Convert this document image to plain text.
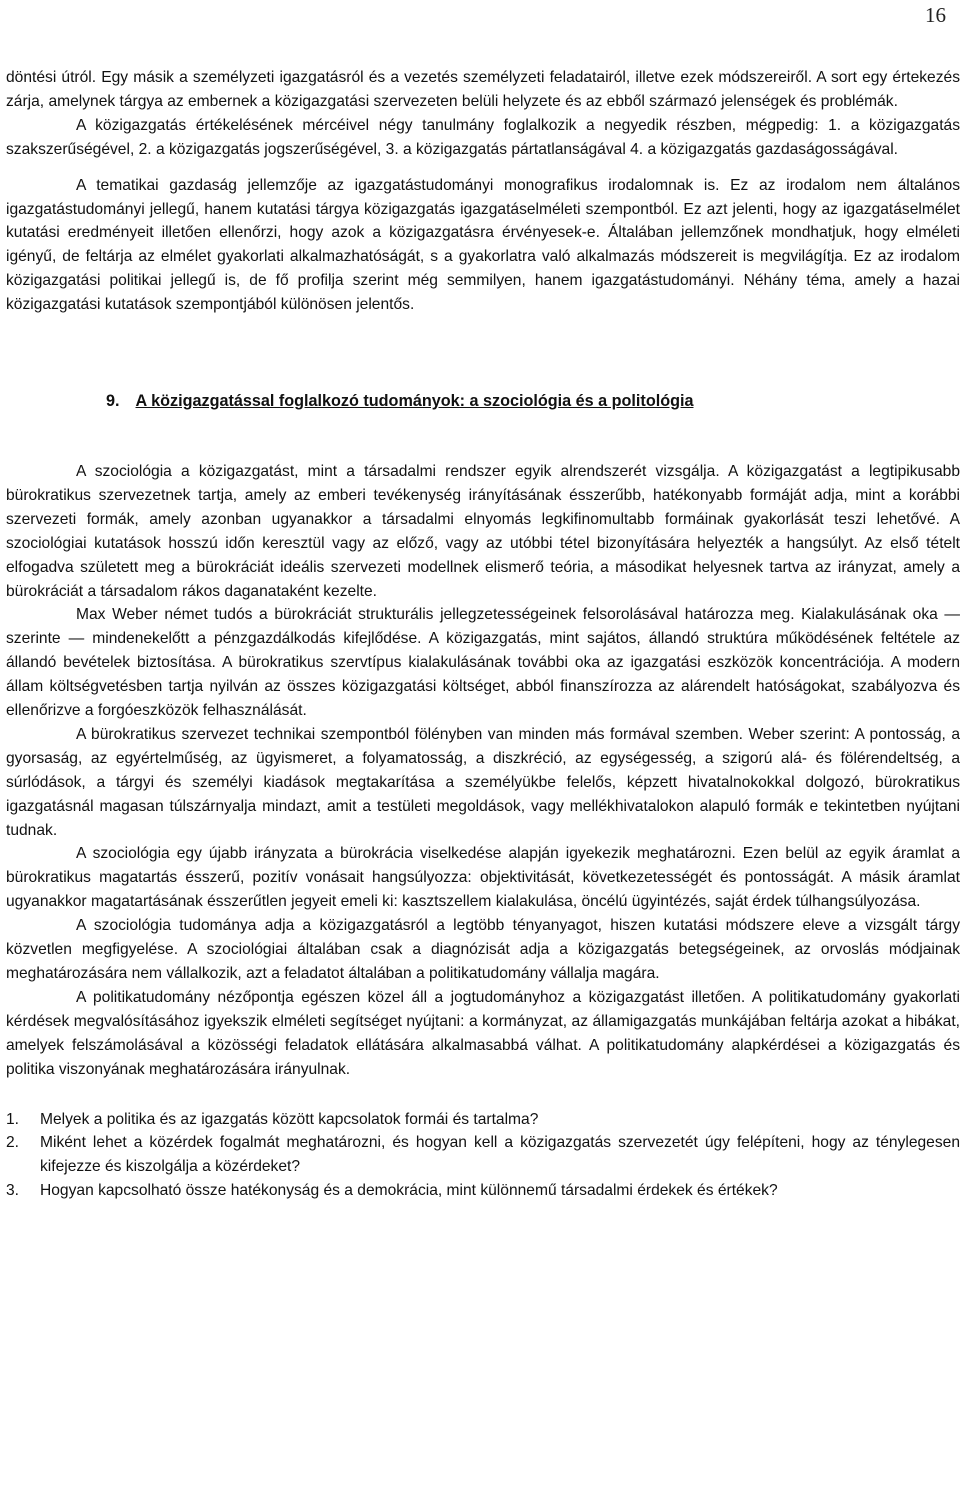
16

döntési útról. Egy másik a személyzeti igazgatásról és a vezetés személyzeti feladatairól, illetve ezek módszereiről. A sort egy értekezés zárja, amelynek tárgya az embernek a közigazgatási szervezeten belüli helyzete és az ebből származó jelenségek és problémák.

A közigazgatás értékelésének mércéivel négy tanulmány foglalkozik a negyedik részben, mégpedig: 1. a közigazgatás szakszerűségével, 2. a közigazgatás jogszerűségével, 3. a közigazgatás pártatlanságával 4. a közigazgatás gazdaságosságával.

A tematikai gazdaság jellemzője az igazgatástudományi monografikus irodalomnak is. Ez az irodalom nem általános igazgatástudományi jellegű, hanem kutatási tárgya közigazgatás igazgatáselméleti szempontból. Ez azt jelenti, hogy az igazgatáselmélet kutatási eredményeit illetően ellenőrzi, hogy azok a közigazgatásra érvényesek-e. Általában jellemzőnek mondhatjuk, hogy elméleti igényű, de feltárja az elmélet gyakorlati alkalmazhatóságát, s a gyakorlatra való alkalmazás módszereit is megvilágítja. Ez az irodalom közigazgatási politikai jellegű is, de fő profilja szerint még semmilyen, hanem igazgatástudományi. Néhány téma, amely a hazai közigazgatási kutatások szempontjából különösen jelentős.

9. A közigazgatással foglalkozó tudományok: a szociológia és a politológia

A szociológia a közigazgatást, mint a társadalmi rendszer egyik alrendszerét vizsgálja. A közigazgatást a legtipikusabb bürokratikus szervezetnek tartja, amely az emberi tevékenység irányításának ésszerűbb, hatékonyabb formáját adja, mint a korábbi szervezeti formák, amely azonban ugyanakkor a társadalmi elnyomás legkifinomultabb formáinak gyakorlását teszi lehetővé. A szociológiai kutatások hosszú időn keresztül vagy az előző, vagy az utóbbi tétel bizonyítására helyezték a hangsúlyt. Az első tételt elfogadva született meg a bürokráciát ideális szervezeti modellnek elismerő teória, a másodikat helyesnek tartva az irányzat, amely a bürokráciát a társadalom rákos daganataként kezelte.

Max Weber német tudós a bürokráciát strukturális jellegzetességeinek felsorolásával határozza meg. Kialakulásának oka — szerinte — mindenekelőtt a pénzgazdálkodás kifejlődése. A közigazgatás, mint sajátos, állandó struktúra működésének feltétele az állandó bevételek biztosítása. A bürokratikus szervtípus kialakulásának további oka az igazgatási eszközök koncentrációja. A modern állam költségvetésben tartja nyilván az összes közigazgatási költséget, abból finanszírozza az alárendelt hatóságokat, szabályozva és ellenőrizve a forgóeszközök felhasználását.

A bürokratikus szervezet technikai szempontból fölényben van minden más formával szemben. Weber szerint: A pontosság, a gyorsaság, az egyértelműség, az ügyismeret, a folyamatosság, a diszkréció, az egységesség, a szigorú alá- és fölérendeltség, a súrlódások, a tárgyi és személyi kiadások megtakarítása a személyükbe felelős, képzett hivatalnokokkal dolgozó, bürokratikus igazgatásnál magasan túlszárnyalja mindazt, amit a testületi megoldások, vagy mellékhivatalokon alapuló formák e tekintetben nyújtani tudnak.

A szociológia egy újabb irányzata a bürokrácia viselkedése alapján igyekezik meghatározni. Ezen belül az egyik áramlat a bürokratikus magatartás ésszerű, pozitív vonásait hangsúlyozza: objektivitását, következetességét és pontosságát. A másik áramlat ugyanakkor magatartásának ésszerűtlen jegyeit emeli ki: kasztszellem kialakulása, öncélú ügyintézés, saját érdek túlhangsúlyozása.

A szociológia tudománya adja a közigazgatásról a legtöbb tényanyagot, hiszen kutatási módszere eleve a vizsgált tárgy közvetlen megfigyelése. A szociológiai általában csak a diagnózisát adja a közigazgatás betegségeinek, az orvoslás módjainak meghatározására nem vállalkozik, azt a feladatot általában a politikatudomány vállalja magára.

A politikatudomány nézőpontja egészen közel áll a jogtudományhoz a közigazgatást illetően. A politikatudomány gyakorlati kérdések megvalósításához igyekszik elméleti segítséget nyújtani: a kormányzat, az államigazgatás munkájában feltárja azokat a hibákat, amelyek felszámolásával a közösségi feladatok ellátására alkalmasabbá válhat. A politikatudomány alapkérdései a közigazgatás és politika viszonyának meghatározására irányulnak.

1.	Melyek a politika és az igazgatás között kapcsolatok formái és tartalma?
2.	Miként lehet a közérdek fogalmát meghatározni, és hogyan kell a közigazgatás szervezetét úgy felépíteni, hogy az ténylegesen kifejezze és kiszolgálja a közérdeket?
3.	Hogyan kapcsolható össze hatékonyság és a demokrácia, mint különnemű társadalmi érdekek és értékek?
